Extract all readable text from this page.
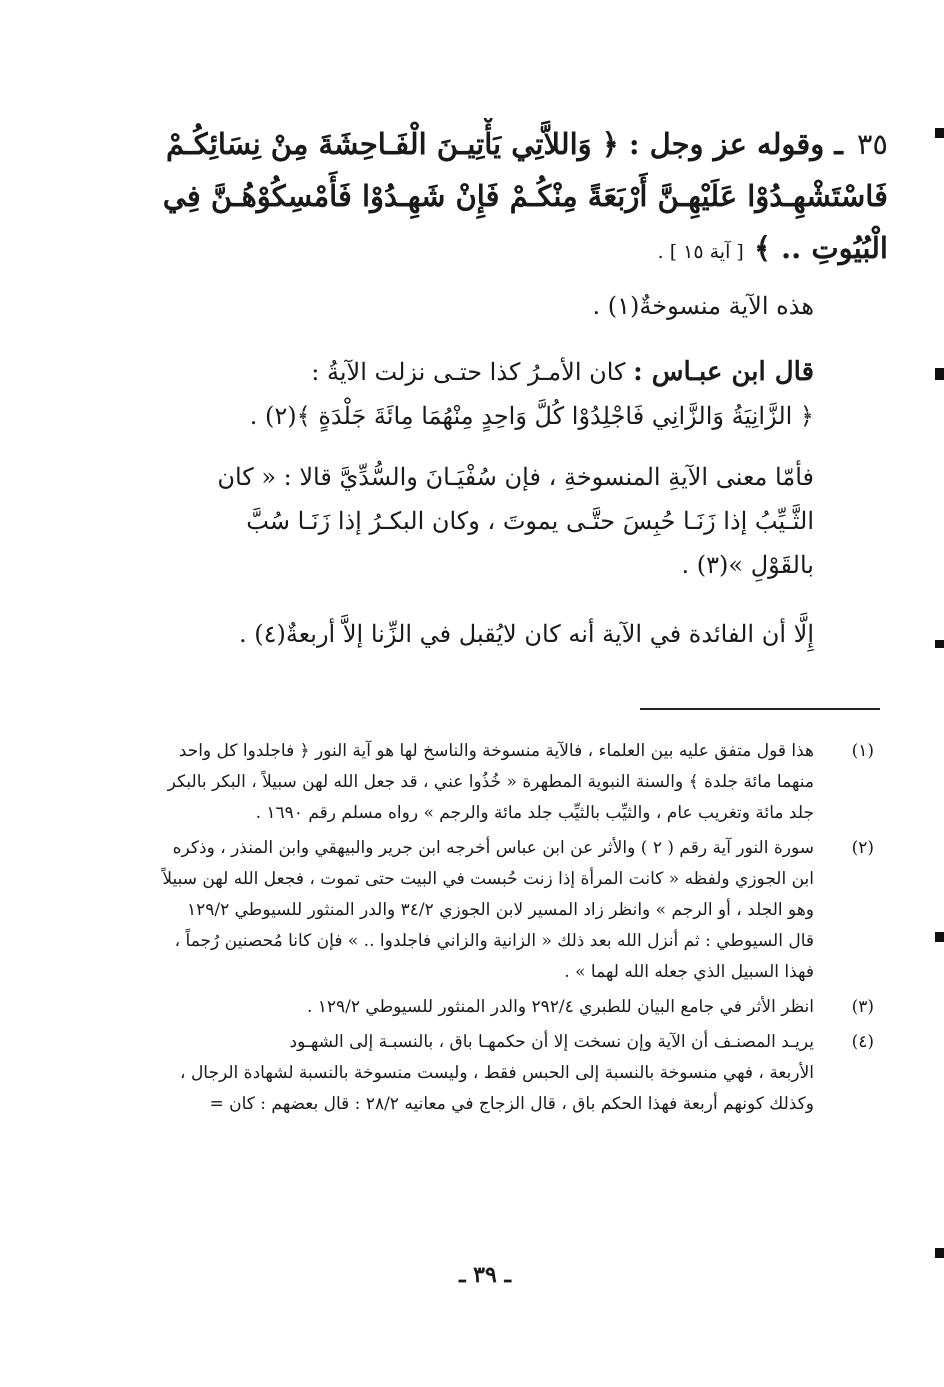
٣٥ـ وقوله عز وجل : ﴿ وَاللاَّتِي يَأْتِيـنَ الْفَـاحِشَةَ مِنْ نِسَائِكُـمْ
فَاسْتَشْهِـدُوْا عَلَيْهِـنَّ أَرْبَعَةً مِنْكُـمْ فَإِنْ شَهِـدُوْا فَأَمْسِكُوْهُـنَّ فِي
الْبُيُوتِ .. ﴾ [ آية ١٥ ] .
هذه الآية منسوخةٌ(١) .
قال ابن عبـاس : كان الأمـرُ كذا حتـى نزلت الآيةُ :
﴿ الزَّانِيَةُ وَالزَّانِي فَاجْلِدُوْا كُلَّ وَاحِدٍ مِنْهُمَا مِائَةَ جَلْدَةٍ ﴾(٢) .
فأمّا معنى الآيةِ المنسوخةِ ، فإن سُفْيَـانَ والسُّدِّيَّ قالا : « كان
الثَّـيِّبُ إذا زَنَـا حُبِسَ حتَّـى يموتَ ، وكان البكـرُ إذا زَنَـا سُبَّ
بالقَوْلِ »(٣) .
إِلَّا أن الفائدة في الآية أنه كان لايُقبل في الزِّنا إلاَّ أربعةٌ(٤) .
(١)
هذا قول متفق عليه بين العلماء ، فالآية منسوخة والناسخ لها هو آية النور ﴿ فاجلدوا كل واحد
منهما مائة جلدة ﴾ والسنة النبوية المطهرة « خُذُوا عني ، قد جعل الله لهن سبيلاً ، البكر بالبكر
جلد مائة وتغريب عام ، والثيِّب بالثيِّب جلد مائة والرجم » رواه مسلم رقم ١٦٩٠ .
(٢)
سورة النور آية رقم ( ٢ ) والأثر عن ابن عباس أخرجه ابن جرير والبيهقي وابن المنذر ، وذكره
ابن الجوزي ولفظه « كانت المرأة إذا زنت حُبست في البيت حتى تموت ، فجعل الله لهن سبيلاً
وهو الجلد ، أو الرجم » وانظر زاد المسير لابن الجوزي ٣٤/٢ والدر المنثور للسيوطي ١٢٩/٢
قال السيوطي : ثم أنزل الله بعد ذلك « الزانية والزاني فاجلدوا .. » فإن كانا مُحصنين رُجماً ،
فهذا السبيل الذي جعله الله لهما » .
(٣)
انظر الأثر في جامع البيان للطبري ٢٩٢/٤ والدر المنثور للسيوطي ١٢٩/٢ .
(٤)
يريـد المصنـف أن الآية وإن نسخت إلا أن حكمهـا باق ، بالنسبـة إلى الشهـود
الأربعة ، فهي منسوخة بالنسبة إلى الحبس فقط ، وليست منسوخة بالنسبة لشهادة الرجال ،
وكذلك كونهم أربعة فهذا الحكم باق ، قال الزجاج في معانيه ٢٨/٢ : قال بعضهم : كان =
ـ ٣٩ ـ
